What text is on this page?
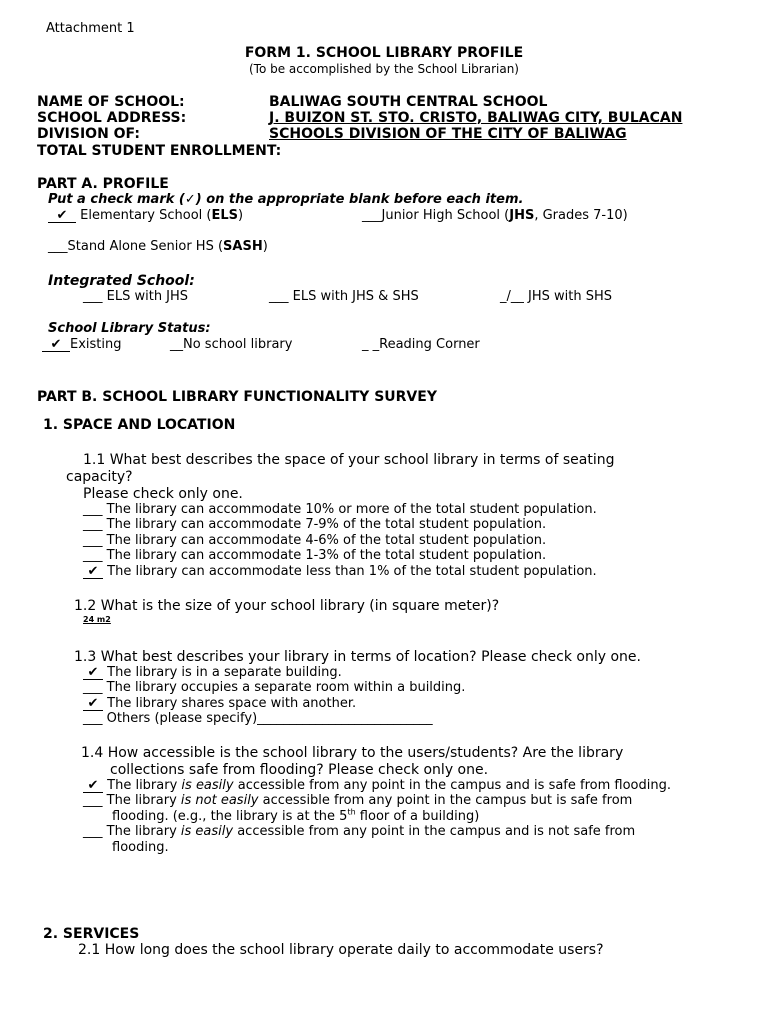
Attachment 1
FORM 1. SCHOOL LIBRARY PROFILE
(To be accomplished by the School Librarian)
NAME OF SCHOOL:	BALIWAG SOUTH CENTRAL SCHOOL
SCHOOL ADDRESS:	J. BUIZON ST. STO. CRISTO, BALIWAG CITY, BULACAN
DIVISION OF:	SCHOOLS DIVISION OF THE CITY OF BALIWAG
TOTAL STUDENT ENROLLMENT:
PART A. PROFILE
Put a check mark (✓) on the appropriate blank before each item.
✔ Elementary School (ELS)	___Junior High School (JHS, Grades 7-10)
___Stand Alone Senior HS (SASH)
Integrated School:
___ ELS with JHS	___ ELS with JHS & SHS	_/__ JHS with SHS
School Library Status:
✔ Existing	__No school library	_ _Reading Corner
PART B. SCHOOL LIBRARY FUNCTIONALITY SURVEY
1. SPACE AND LOCATION
1.1 What best describes the space of your school library in terms of seating
capacity?
Please check only one.
___ The library can accommodate 10% or more of the total student population.
___ The library can accommodate 7-9% of the total student population.
___ The library can accommodate 4-6% of the total student population.
___ The library can accommodate 1-3% of the total student population.
✔ The library can accommodate less than 1% of the total student population.
1.2 What is the size of your school library (in square meter)?
24 m2
1.3 What best describes your library in terms of location? Please check only one.
✔ The library is in a separate building.
___ The library occupies a separate room within a building.
✔ The library shares space with another.
___ Others (please specify)___________________________
1.4 How accessible is the school library to the users/students? Are the library
collections safe from flooding? Please check only one.
✔ The library is easily accessible from any point in the campus and is safe from flooding.
___ The library is not easily accessible from any point in the campus but is safe from
flooding. (e.g., the library is at the 5th floor of a building)
___ The library is easily accessible from any point in the campus and is not safe from
flooding.
2. SERVICES
2.1 How long does the school library operate daily to accommodate users?
